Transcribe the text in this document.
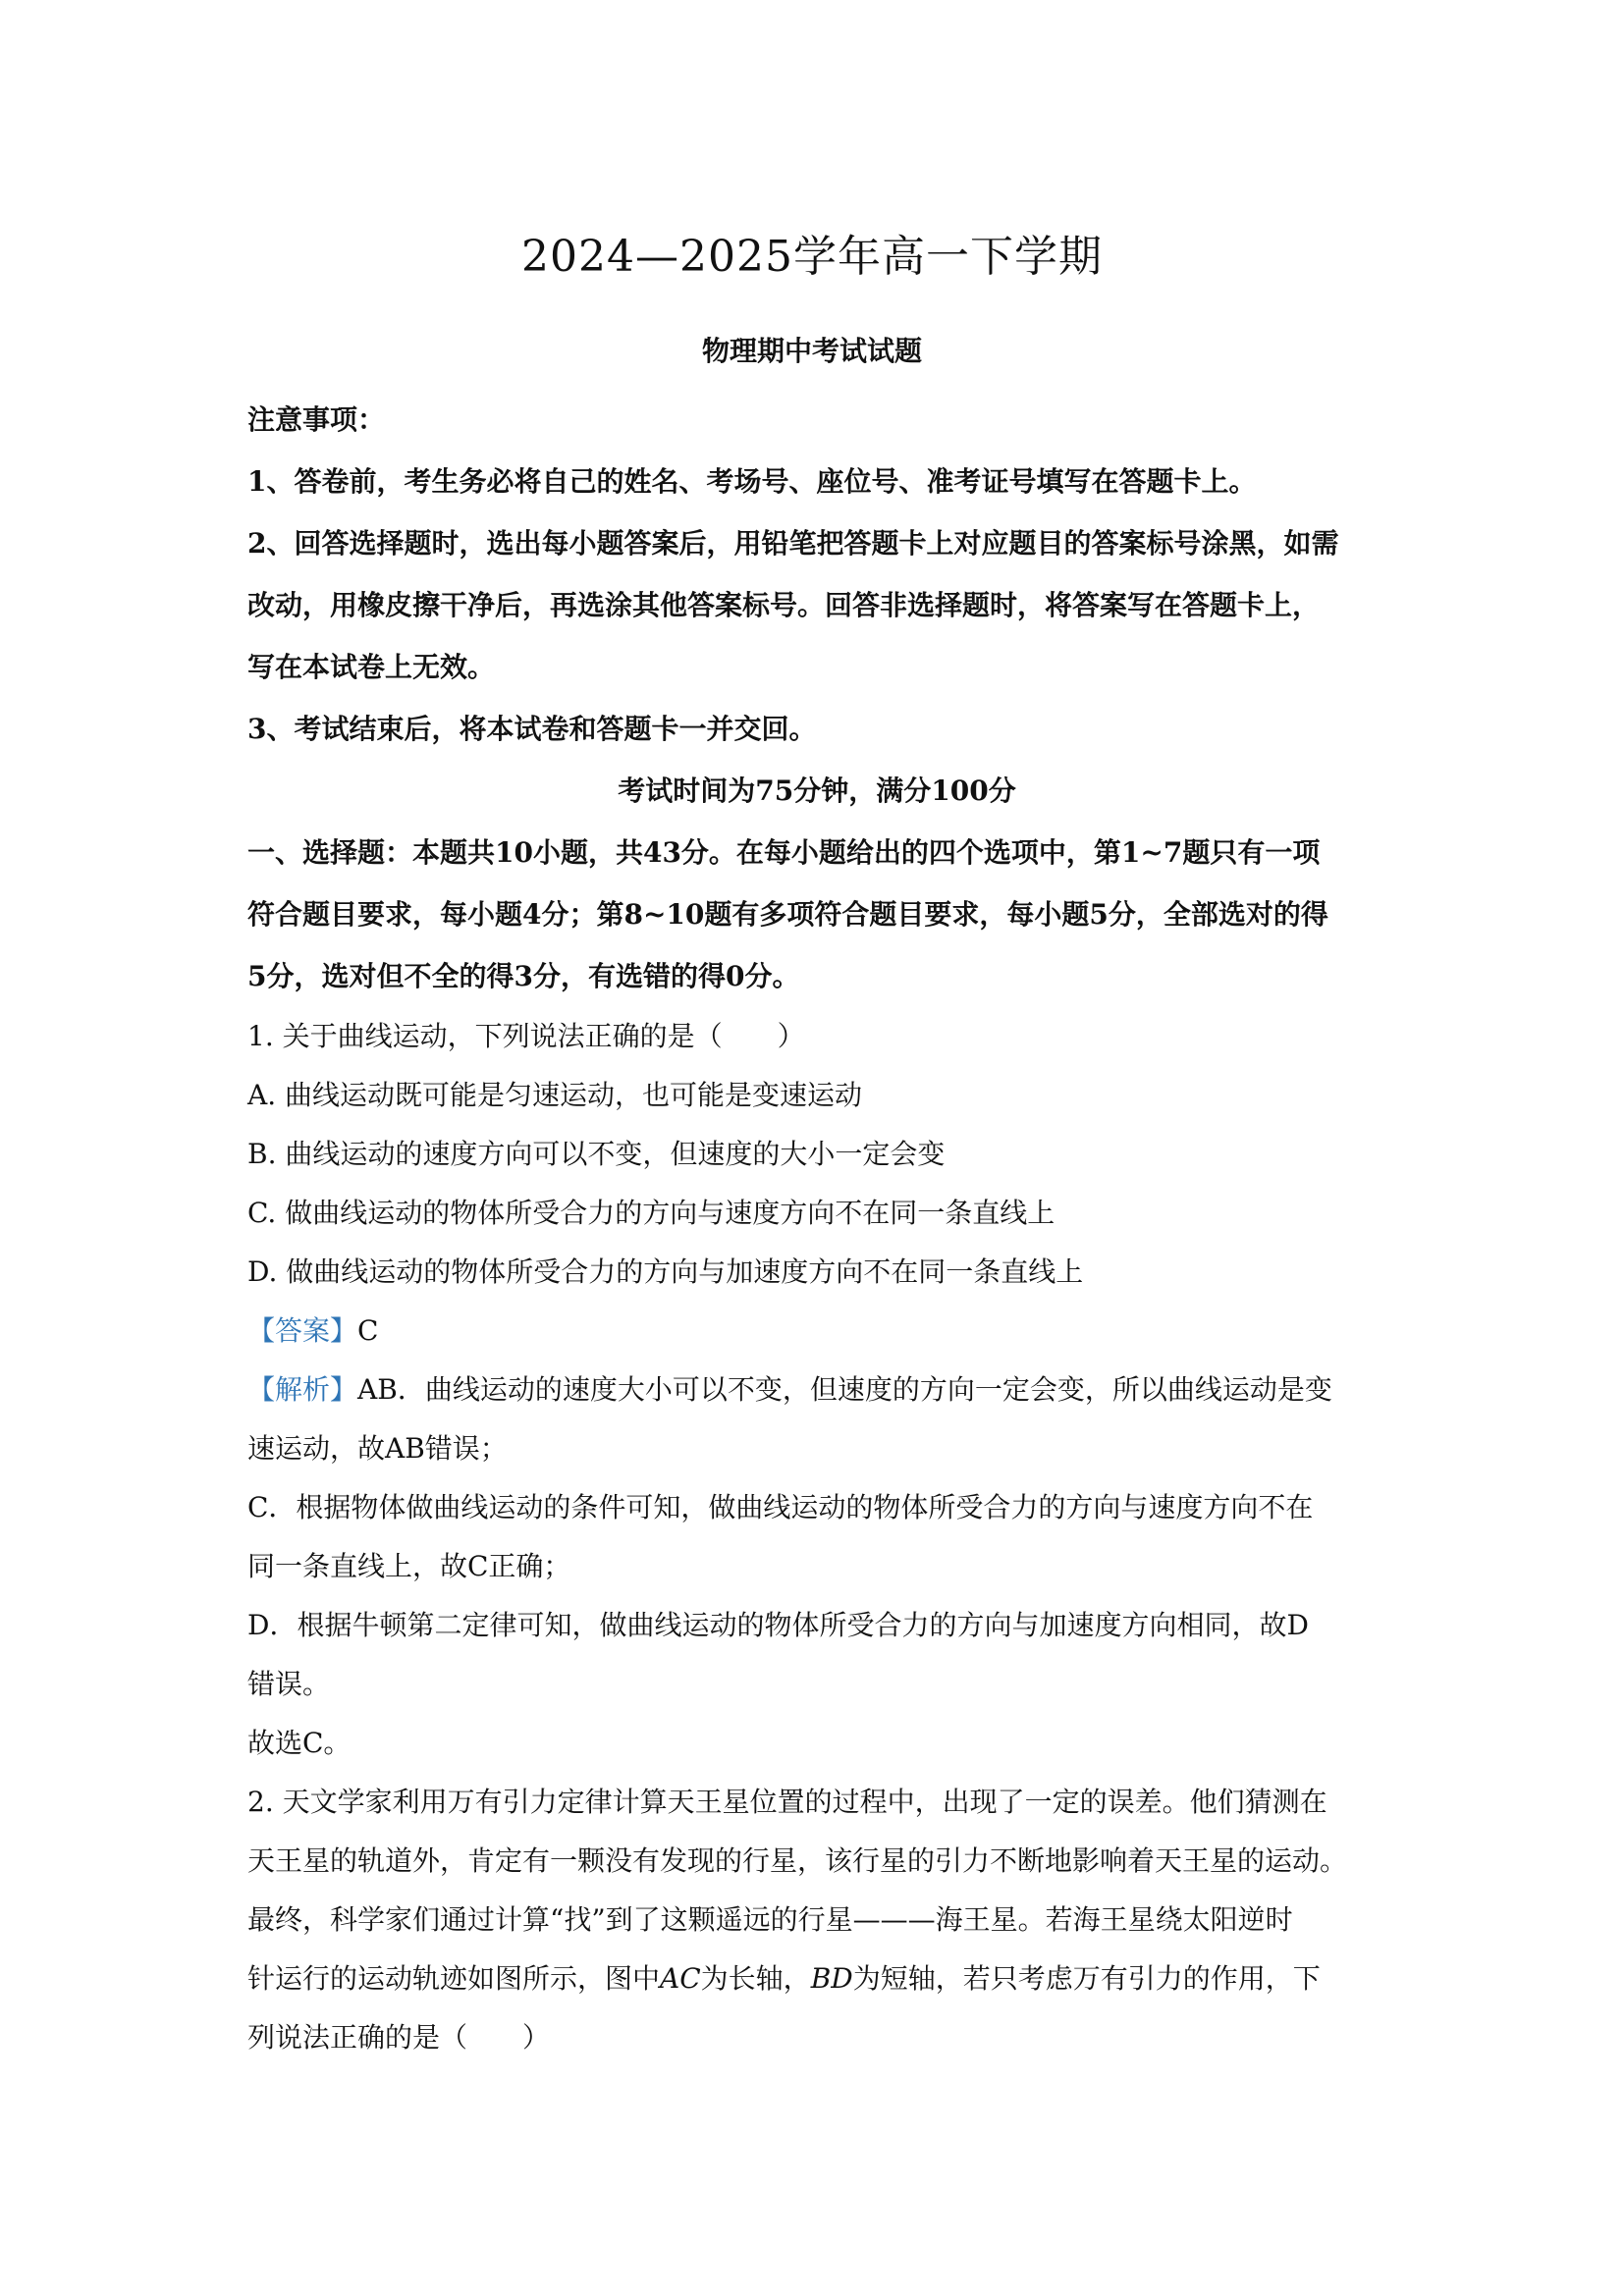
2024—2025学年高一下学期
物理期中考试试题
注意事项：
1、答卷前，考生务必将自己的姓名、考场号、座位号、准考证号填写在答题卡上。
2、回答选择题时，选出每小题答案后，用铅笔把答题卡上对应题目的答案标号涂黑，如需
改动，用橡皮擦干净后，再选涂其他答案标号。回答非选择题时，将答案写在答题卡上，
写在本试卷上无效。
3、考试结束后，将本试卷和答题卡一并交回。
考试时间为75分钟，满分100分
一、选择题：本题共10小题，共43分。在每小题给出的四个选项中，第1~7题只有一项
符合题目要求，每小题4分；第8~10题有多项符合题目要求，每小题5分，全部选对的得
5分，选对但不全的得3分，有选错的得0分。
1. 关于曲线运动，下列说法正确的是（　　）
A. 曲线运动既可能是匀速运动，也可能是变速运动
B. 曲线运动的速度方向可以不变，但速度的大小一定会变
C. 做曲线运动的物体所受合力的方向与速度方向不在同一条直线上
D. 做曲线运动的物体所受合力的方向与加速度方向不在同一条直线上
【答案】C
【解析】AB．曲线运动的速度大小可以不变，但速度的方向一定会变，所以曲线运动是变
速运动，故AB错误；
C．根据物体做曲线运动的条件可知，做曲线运动的物体所受合力的方向与速度方向不在
同一条直线上，故C正确；
D．根据牛顿第二定律可知，做曲线运动的物体所受合力的方向与加速度方向相同，故D
错误。
故选C。
2. 天文学家利用万有引力定律计算天王星位置的过程中，出现了一定的误差。他们猜测在
天王星的轨道外，肯定有一颗没有发现的行星，该行星的引力不断地影响着天王星的运动。
最终，科学家们通过计算“找”到了这颗遥远的行星———海王星。若海王星绕太阳逆时
针运行的运动轨迹如图所示，图中AC为长轴，BD为短轴，若只考虑万有引力的作用，下
列说法正确的是（　　）
